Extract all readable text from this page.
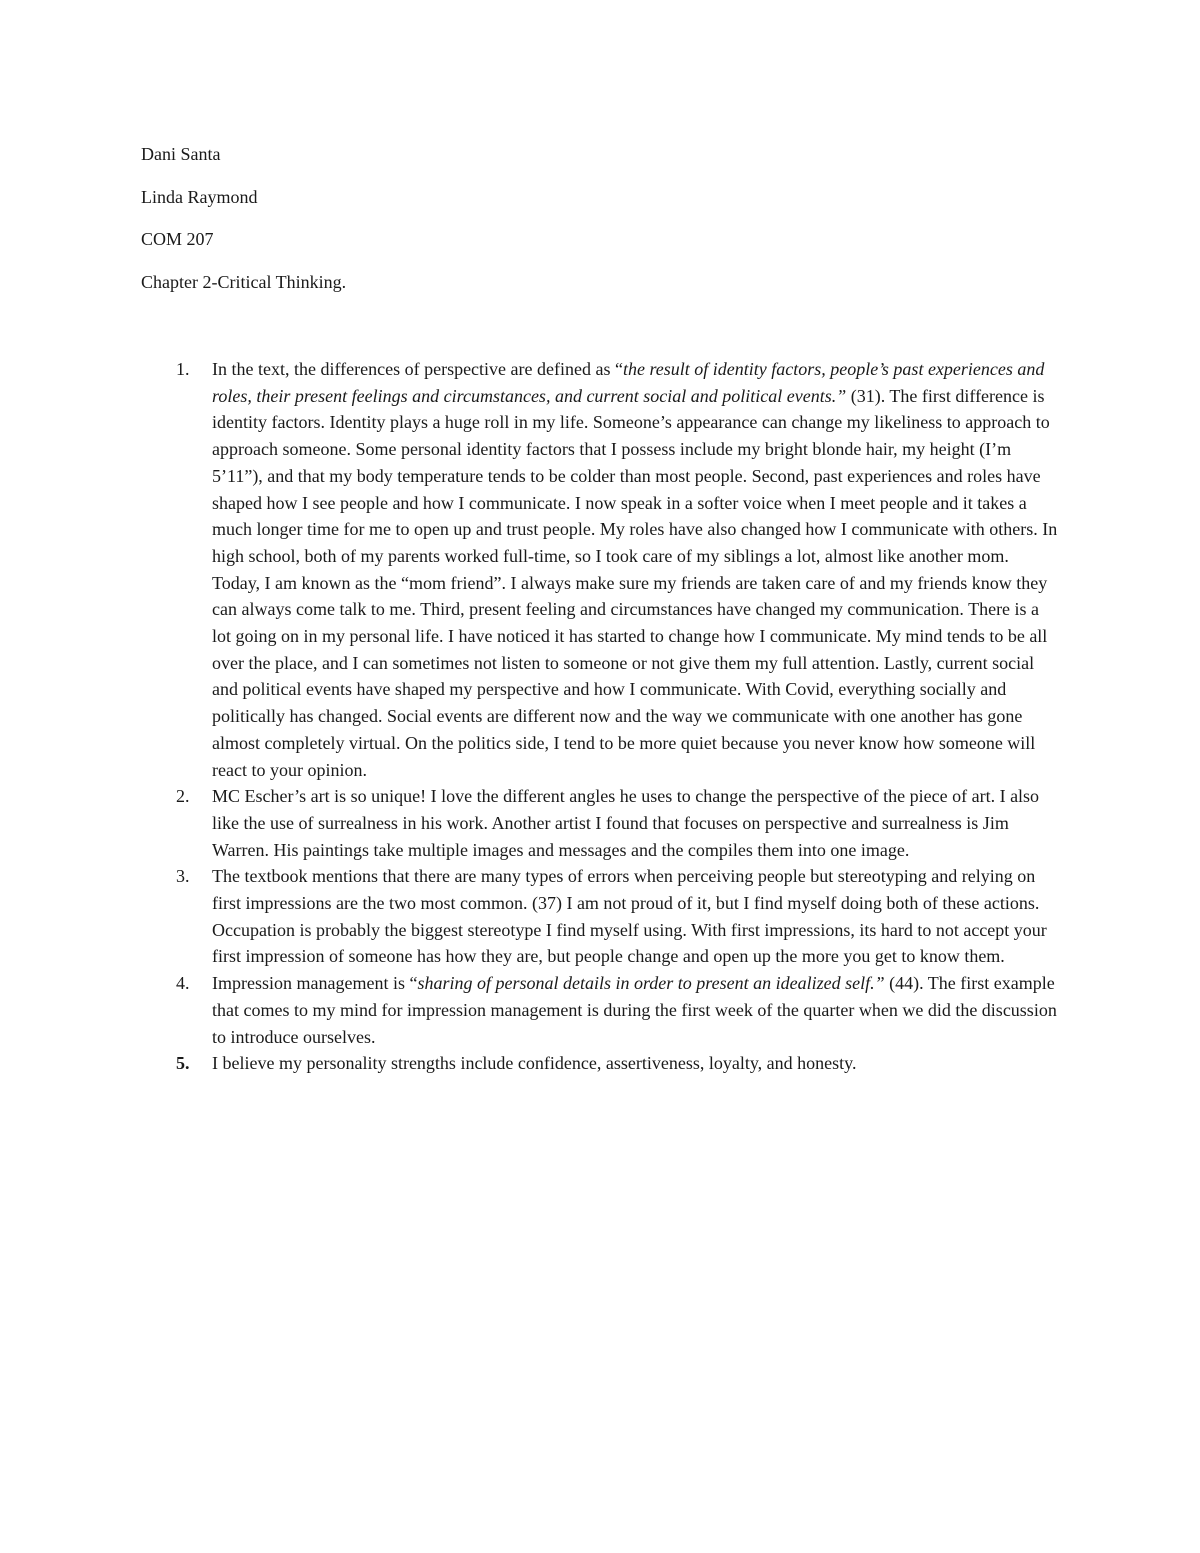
Dani Santa
Linda Raymond
COM 207
Chapter 2-Critical Thinking.
1.	In the text, the differences of perspective are defined as “the result of identity factors, people’s past experiences and roles, their present feelings and circumstances, and current social and political events.” (31). The first difference is identity factors. Identity plays a huge roll in my life. Someone’s appearance can change my likeliness to approach to approach someone. Some personal identity factors that I possess include my bright blonde hair, my height (I’m 5’11”), and that my body temperature tends to be colder than most people. Second, past experiences and roles have shaped how I see people and how I communicate. I now speak in a softer voice when I meet people and it takes a much longer time for me to open up and trust people. My roles have also changed how I communicate with others. In high school, both of my parents worked full-time, so I took care of my siblings a lot, almost like another mom. Today, I am known as the “mom friend”. I always make sure my friends are taken care of and my friends know they can always come talk to me. Third, present feeling and circumstances have changed my communication. There is a lot going on in my personal life. I have noticed it has started to change how I communicate. My mind tends to be all over the place, and I can sometimes not listen to someone or not give them my full attention. Lastly, current social and political events have shaped my perspective and how I communicate. With Covid, everything socially and politically has changed. Social events are different now and the way we communicate with one another has gone almost completely virtual. On the politics side, I tend to be more quiet because you never know how someone will react to your opinion.
2.	MC Escher’s art is so unique! I love the different angles he uses to change the perspective of the piece of art. I also like the use of surrealness in his work. Another artist I found that focuses on perspective and surrealness is Jim Warren. His paintings take multiple images and messages and the compiles them into one image.
3.	The textbook mentions that there are many types of errors when perceiving people but stereotyping and relying on first impressions are the two most common. (37) I am not proud of it, but I find myself doing both of these actions. Occupation is probably the biggest stereotype I find myself using. With first impressions, its hard to not accept your first impression of someone has how they are, but people change and open up the more you get to know them.
4.	Impression management is “sharing of personal details in order to present an idealized self.” (44). The first example that comes to my mind for impression management is during the first week of the quarter when we did the discussion to introduce ourselves.
5.	I believe my personality strengths include confidence, assertiveness, loyalty, and honesty.
